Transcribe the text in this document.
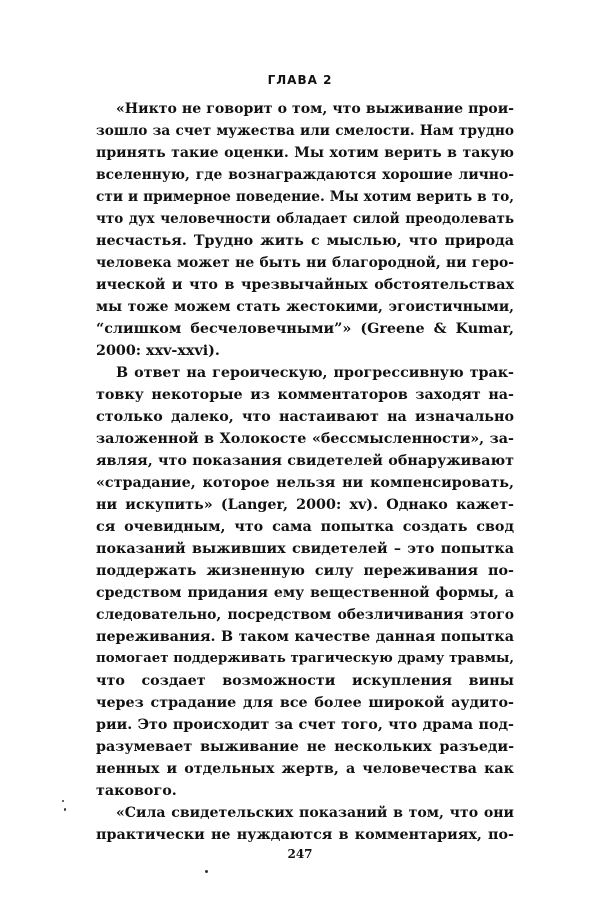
ГЛАВА 2
«Никто не говорит о том, что выживание прои-
зошло за счет мужества или смелости. Нам трудно
принять такие оценки. Мы хотим верить в такую
вселенную, где вознаграждаются хорошие лично-
сти и примерное поведение. Мы хотим верить в то,
что дух человечности обладает силой преодолевать
несчастья. Трудно жить с мыслью, что природа
человека может не быть ни благородной, ни геро-
ической и что в чрезвычайных обстоятельствах
мы тоже можем стать жестокими, эгоистичными,
“слишком бесчеловечными”» (Greene & Kumar,
2000: xxv-xxvi).
В ответ на героическую, прогрессивную трак-
товку некоторые из комментаторов заходят на-
столько далеко, что настаивают на изначально
заложенной в Холокосте «бессмысленности», за-
являя, что показания свидетелей обнаруживают
«страдание, которое нельзя ни компенсировать,
ни искупить» (Langer, 2000: xv). Однако кажет-
ся очевидным, что сама попытка создать свод
показаний выживших свидетелей – это попытка
поддержать жизненную силу переживания по-
средством придания ему вещественной формы, а
следовательно, посредством обезличивания этого
переживания. В таком качестве данная попытка
помогает поддерживать трагическую драму травмы,
что создает возможности искупления вины
через страдание для все более широкой аудито-
рии. Это происходит за счет того, что драма под-
разумевает выживание не нескольких разъеди-
ненных и отдельных жертв, а человечества как
такового.
«Сила свидетельских показаний в том, что они
практически не нуждаются в комментариях, по-
247
